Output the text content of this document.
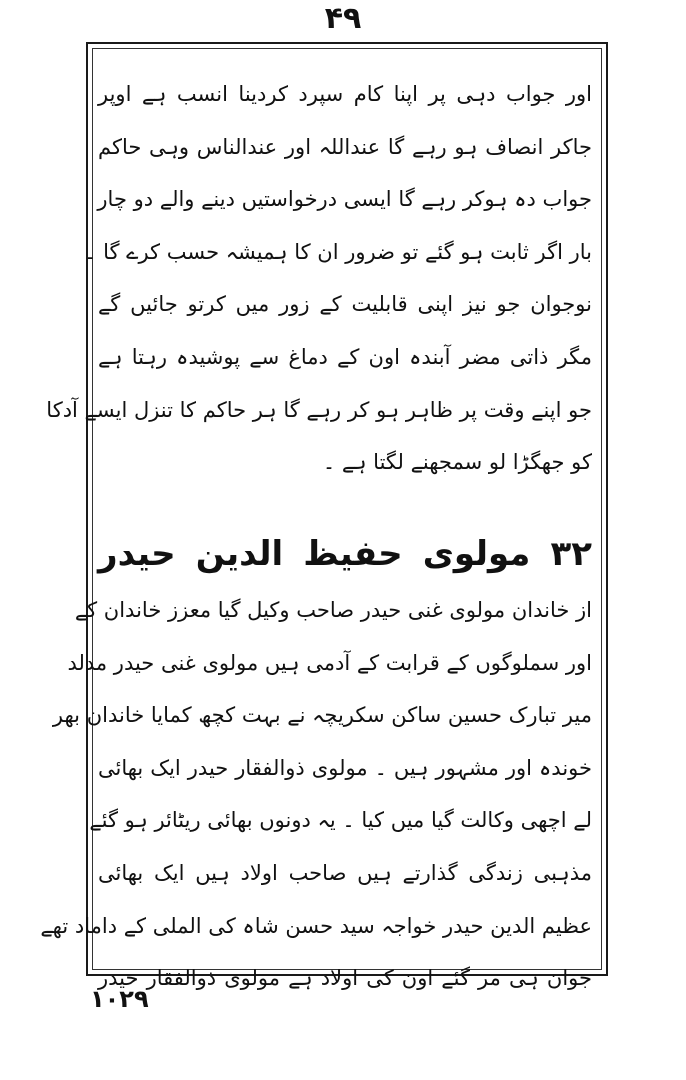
۴۹
اور جواب دہی پر اپنا کام سپرد کردینا انسب ہے اوپر
جاکر انصاف ہو رہے گا عنداللہ اور عندالناس وہی حاکم
جواب دہ ہوکر رہے گا ایسی درخواستیں دینے والے دو چار
بار اگر ثابت ہو گئے تو ضرور ان کا ہمیشہ حسب کرے گا ۔
نوجوان جو نیز اپنی قابلیت کے زور میں کرتو جائیں گے
مگر ذاتی مضر آبندہ اون کے دماغ سے پوشیدہ رہتا ہے
جو اپنے وقت پر ظاہر ہو کر رہے گا ہر حاکم کا تنزل ایسے آدکا
کو جھگڑا لو سمجھنے لگتا ہے ۔
۳۲ مولوی حفیظ الدین حیدر
از خاندان مولوی غنی حیدر صاحب وکیل گیا معزز خاندان کے
اور سملوگوں کے قرابت کے آدمی ہیں مولوی غنی حیدر مدلد
میر تبارک حسین ساکن سکریچہ نے بہت کچھ کمایا خاندان بھر
خوندہ اور مشہور ہیں ۔ مولوی ذوالفقار حیدر ایک بھائی
لے اچھی وکالت گیا میں کیا ۔ یہ دونوں بھائی ریٹائر ہو گئے
مذہبی زندگی گذارتے ہیں صاحب اولاد ہیں ایک بھائی
عظیم الدین حیدر خواجہ سید حسن شاہ کی الملی کے داماد تھے
جوان ہی مر گئے اون کی اولاد ہے مولوی ذوالفقار حیدر
۱۰۲۹
